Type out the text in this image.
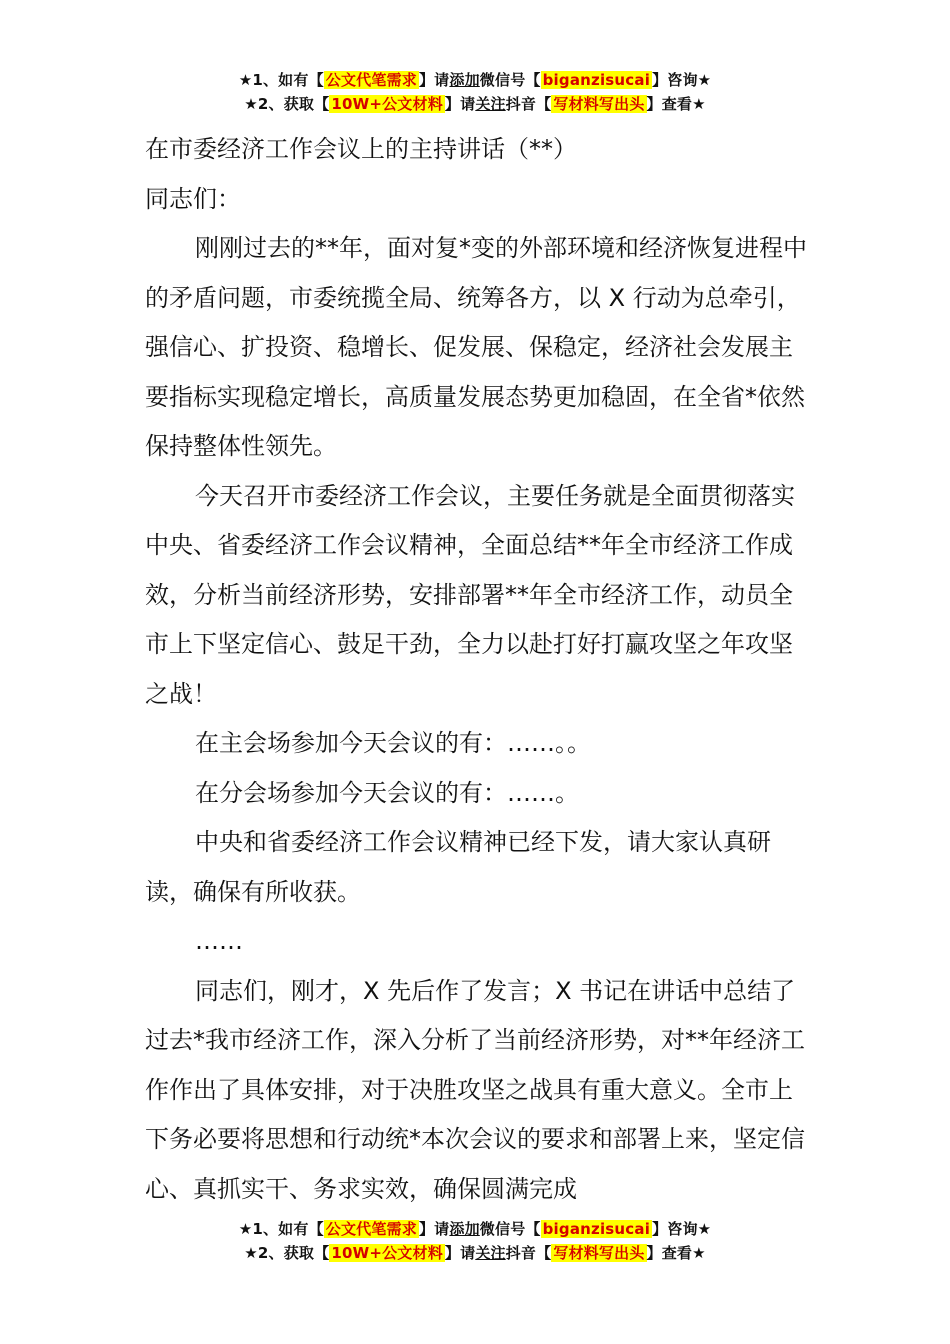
★1、如有【 公文代笔需求 】请添加微信号【 biganzisucai 】咨询★
★2、获取【 10W+公文材料 】请关注抖音【 写材料写出头 】查看★

在市委经济工作会议上的主持讲话（**）

同志们：

刚刚过去的**年，面对复*变的外部环境和经济恢复进程中的矛盾问题，市委统揽全局、统筹各方，以 X 行动为总牵引，强信心、扩投资、稳增长、促发展、保稳定，经济社会发展主要指标实现稳定增长，高质量发展态势更加稳固，在全省*依然保持整体性领先。

今天召开市委经济工作会议，主要任务就是全面贯彻落实中央、省委经济工作会议精神，全面总结**年全市经济工作成效，分析当前经济形势，安排部署**年全市经济工作，动员全市上下坚定信心、鼓足干劲，全力以赴打好打赢攻坚之年攻坚之战！

在主会场参加今天会议的有：……。。

在分会场参加今天会议的有：……。

中央和省委经济工作会议精神已经下发，请大家认真研读，确保有所收获。

……

同志们，刚才，X 先后作了发言；X 书记在讲话中总结了过去*我市经济工作，深入分析了当前经济形势，对**年经济工作作出了具体安排，对于决胜攻坚之战具有重大意义。全市上下务必要将思想和行动统*本次会议的要求和部署上来，坚定信心、真抓实干、务求实效，确保圆满完成

★1、如有【 公文代笔需求 】请添加微信号【 biganzisucai 】咨询★
★2、获取【 10W+公文材料 】请关注抖音【 写材料写出头 】查看★
